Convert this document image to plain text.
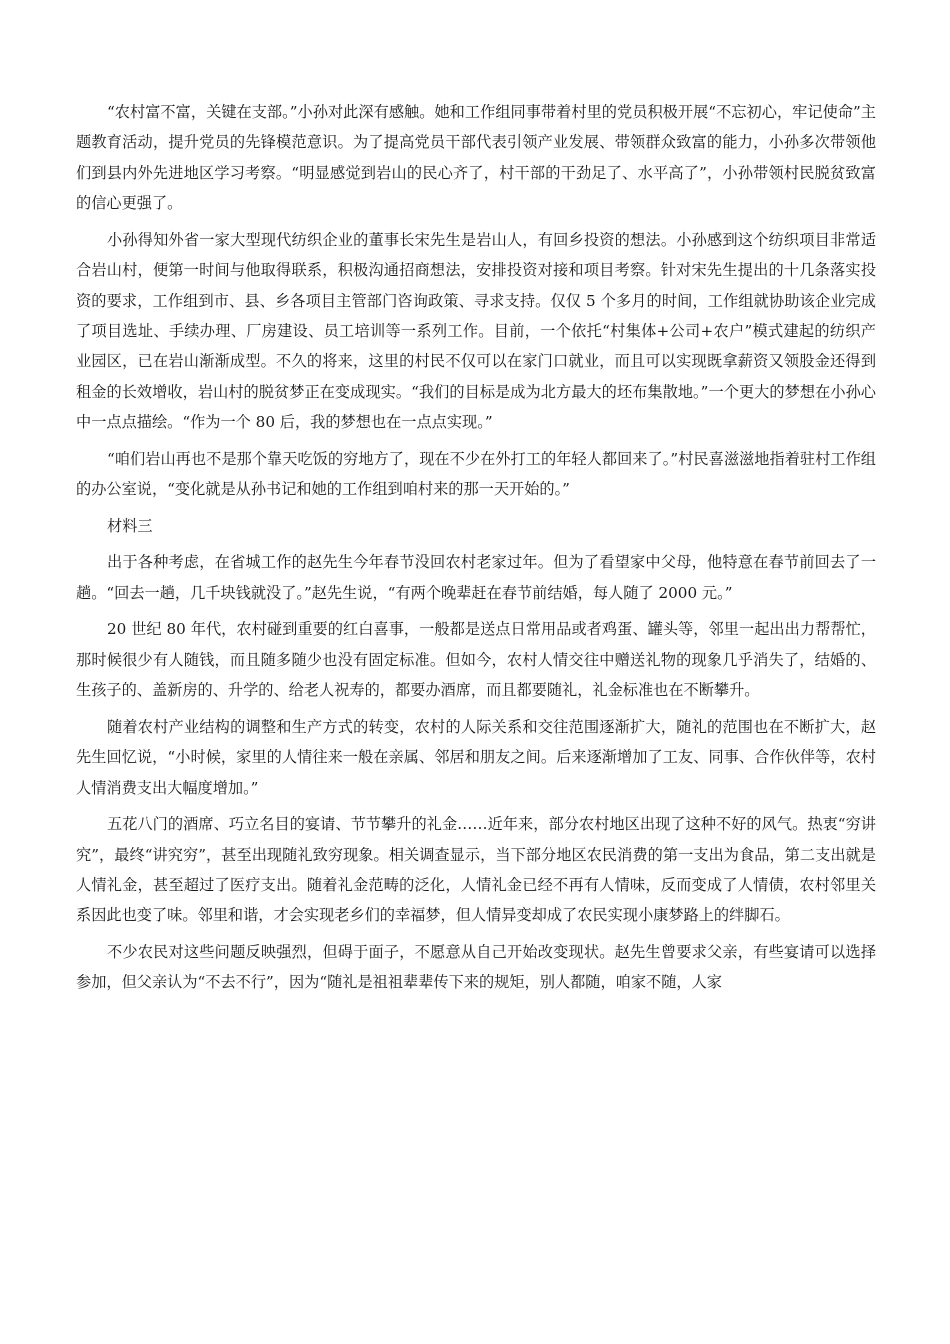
“农村富不富，关键在支部。”小孙对此深有感触。她和工作组同事带着村里的党员积极开展“不忘初心，牢记使命”主题教育活动，提升党员的先锋模范意识。为了提高党员干部代表引领产业发展、带领群众致富的能力，小孙多次带领他们到县内外先进地区学习考察。“明显感觉到岩山的民心齐了，村干部的干劲足了、水平高了”，小孙带领村民脱贫致富的信心更强了。

小孙得知外省一家大型现代纺织企业的董事长宋先生是岩山人，有回乡投资的想法。小孙感到这个纺织项目非常适合岩山村，便第一时间与他取得联系，积极沟通招商想法，安排投资对接和项目考察。针对宋先生提出的十几条落实投资的要求，工作组到市、县、乡各项目主管部门咨询政策、寻求支持。仅仅 5 个多月的时间，工作组就协助该企业完成了项目选址、手续办理、厂房建设、员工培训等一系列工作。目前，一个依托“村集体+公司+农户”模式建起的纺织产业园区，已在岩山渐渐成型。不久的将来，这里的村民不仅可以在家门口就业，而且可以实现既拿薪资又领股金还得到租金的长效增收，岩山村的脱贫梦正在变成现实。“我们的目标是成为北方最大的坯布集散地。”一个更大的梦想在小孙心中一点点描绘。“作为一个 80 后，我的梦想也在一点点实现。”

“咱们岩山再也不是那个靠天吃饭的穷地方了，现在不少在外打工的年轻人都回来了。”村民喜滋滋地指着驻村工作组的办公室说，“变化就是从孙书记和她的工作组到咱村来的那一天开始的。”

材料三

出于各种考虑，在省城工作的赵先生今年春节没回农村老家过年。但为了看望家中父母，他特意在春节前回去了一趟。“回去一趟，几千块钱就没了。”赵先生说，“有两个晚辈赶在春节前结婚，每人随了 2000 元。”

20 世纪 80 年代，农村碰到重要的红白喜事，一般都是送点日常用品或者鸡蛋、罐头等，邻里一起出出力帮帮忙，那时候很少有人随钱，而且随多随少也没有固定标准。但如今，农村人情交往中赠送礼物的现象几乎消失了，结婚的、生孩子的、盖新房的、升学的、给老人祝寿的，都要办酒席，而且都要随礼，礼金标准也在不断攀升。

随着农村产业结构的调整和生产方式的转变，农村的人际关系和交往范围逐渐扩大，随礼的范围也在不断扩大，赵先生回忆说，“小时候，家里的人情往来一般在亲属、邻居和朋友之间。后来逐渐增加了工友、同事、合作伙伴等，农村人情消费支出大幅度增加。”

五花八门的酒席、巧立名目的宴请、节节攀升的礼金……近年来，部分农村地区出现了这种不好的风气。热衷“穷讲究”，最终“讲究穷”，甚至出现随礼致穷现象。相关调查显示，当下部分地区农民消费的第一支出为食品，第二支出就是人情礼金，甚至超过了医疗支出。随着礼金范畴的泛化，人情礼金已经不再有人情味，反而变成了人情债，农村邻里关系因此也变了味。邻里和谐，才会实现老乡们的幸福梦，但人情异变却成了农民实现小康梦路上的绊脚石。

不少农民对这些问题反映强烈，但碍于面子，不愿意从自己开始改变现状。赵先生曾要求父亲，有些宴请可以选择参加，但父亲认为“不去不行”，因为“随礼是祖祖辈辈传下来的规矩，别人都随，咱家不随，人家
